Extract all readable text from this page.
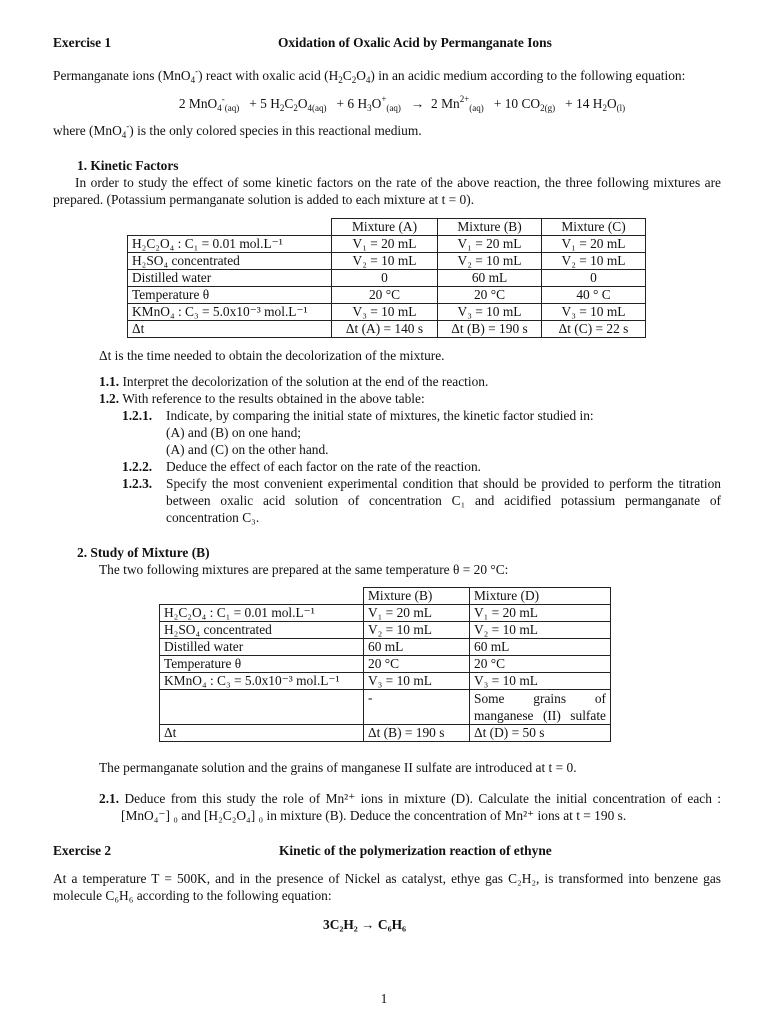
Exercise 1	Oxidation of Oxalic Acid by Permanganate Ions

Permanganate ions (MnO$_4$-) react with oxalic acid $(H_2C_2O_4)$ in an acidic medium according to the following equation:

2 MnO$_4$-$_{(aq)}$ + 5 $H_2C_2O_{4(aq)} + 6$ $H_3O^+_{(aq)} \to 2$ $Mn^{2+}_{(aq)} + 10$ $CO_{2(g)} + 14$ $H_2O_{(l)}$

where (MnO$_4$-) is the only colored species in this reactional medium.

1. Kinetic Factors

In order to study the effect of some kinetic factors on the rate of the above reaction, the three following mixtures are prepared. (Potassium permanganate solution is added to each mixture at t = 0).

	Mixture (A)	Mixture (B)	Mixture (C)
H₂C₂O₄ : C₁ = 0.01 mol.L⁻¹	V₁ = 20 mL	V₁ = 20 mL	V₁ = 20 mL
H₂SO₄ concentrated	V₂ = 10 mL	V₂ = 10 mL	V₂ = 10 mL
Distilled water	0	60 mL	0
Temperature θ	20 °C	20 °C	40 ° C
KMnO₄ : C₃ = 5.0x10⁻³ mol.L⁻¹	V₃ = 10 mL	V₃ = 10 mL	V₃ = 10 mL
Δt	Δt (A) = 140 s	Δt (B) = 190 s	Δt (C) = 22 s

Δt is the time needed to obtain the decolorization of the mixture.

1.1. Interpret the decolorization of the solution at the end of the reaction.
1.2. With reference to the results obtained in the above table:
1.2.1. Indicate, by comparing the initial state of mixtures, the kinetic factor studied in:

(A) and (B) on one hand;

(A) and (C) on the other hand.

1.2.2. Deduce the effect of each factor on the rate of the reaction.

1.2.3. Specify the most convenient experimental condition that should be provided to perform the titration between oxalic acid solution of concentration C₁ and acidified potassium permanganate of concentration C₃.

2. Study of Mixture (B)

The two following mixtures are prepared at the same temperature θ = 20 °C:

	Mixture (B)	Mixture (D)
H₂C₂O₄ : C₁ = 0.01 mol.L⁻¹	V₁ = 20 mL	V₁ = 20 mL
H₂SO₄ concentrated	V₂ = 10 mL	V₂ = 10 mL
Distilled water	60 mL	60 mL
Temperature θ	20 °C	20 °C
KMnO₄ : C₃ = 5.0x10⁻³ mol.L⁻¹	V₃ = 10 mL	V₃ = 10 mL
	-	Some grains of manganese (II) sulfate
Δt	Δt (B) = 190 s	Δt (D) = 50 s

The permanganate solution and the grains of manganese II sulfate are introduced at t = 0.

2.1. Deduce from this study the role of Mn²⁺ ions in mixture (D). Calculate the initial concentration of each : [MnO₄⁻] ₀ and [H₂C₂O₄] ₀ in mixture (B). Deduce the concentration of Mn²⁺ ions at t = 190 s.

Exercise 2	Kinetic of the polymerization reaction of ethyne

At a temperature T = 500K, and in the presence of Nickel as catalyst, ethye gas C₂H₂, is transformed into benzene gas molecule C₆H₆ according to the following equation:

3C₂H₂ → C₆H₆

1
